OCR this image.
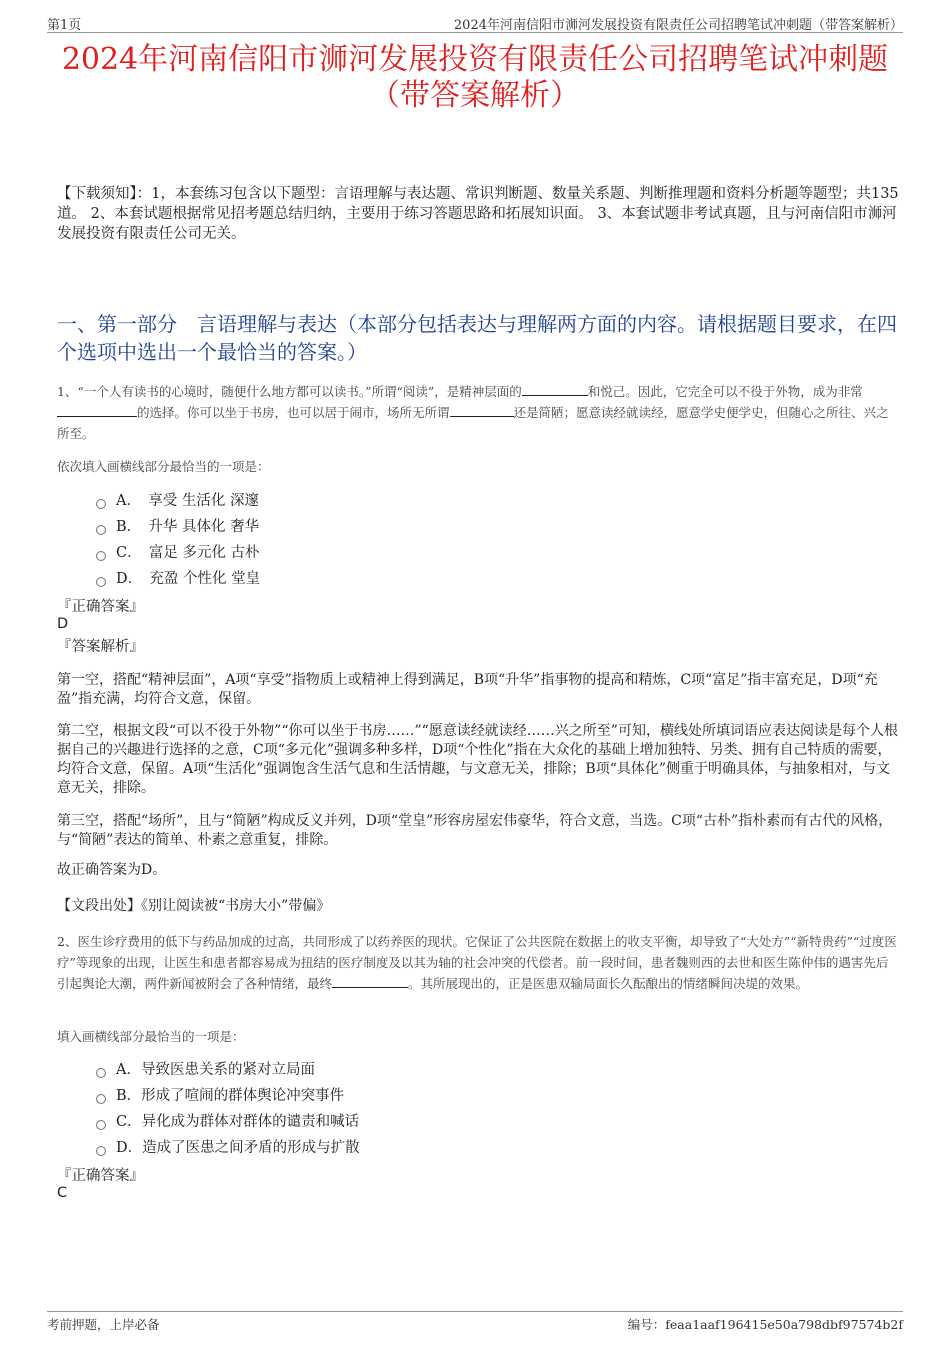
第1页	2024年河南信阳市浉河发展投资有限责任公司招聘笔试冲刺题（带答案解析）
2024年河南信阳市浉河发展投资有限责任公司招聘笔试冲刺题
（带答案解析）
【下载须知】：1，本套练习包含以下题型：言语理解与表达题、常识判断题、数量关系题、判断推理题和资料分析题等题型；共135道。 2、本套试题根据常见招考题总结归纳，主要用于练习答题思路和拓展知识面。 3、本套试题非考试真题，且与河南信阳市浉河发展投资有限责任公司无关。
一、第一部分　言语理解与表达（本部分包括表达与理解两方面的内容。请根据题目要求，在四个选项中选出一个最恰当的答案。）
1、“一个人有读书的心境时，随便什么地方都可以读书。”所谓“阅读”，是精神层面的	和悦己。因此，它完全可以不役于外物，成为非常的选择。你可以坐于书房，也可以居于闹市，场所无所谓	还是简陋；愿意读经就读经，愿意学史便学史，但随心之所往、兴之所至。
依次填入画横线部分最恰当的一项是：
A．　享受 生活化 深邃
B．　升华 具体化 奢华
C．　富足 多元化 古朴
D．　充盈 个性化 堂皇
『正确答案』
D
『答案解析』
第一空，搭配“精神层面”，A项“享受”指物质上或精神上得到满足，B项“升华”指事物的提高和精炼，C项“富足”指丰富充足，D项“充盈”指充满，均符合文意，保留。
第二空，根据文段“可以不役于外物”“你可以坐于书房……”“愿意读经就读经……兴之所至”可知，横线处所填词语应表达阅读是每个人根据自己的兴趣进行选择的之意，C项“多元化”强调多种多样，D项“个性化”指在大众化的基础上增加独特、另类、拥有自己特质的需要，均符合文意，保留。A项“生活化”强调饱含生活气息和生活情趣，与文意无关，排除；B项“具体化”侧重于明确具体，与抽象相对，与文意无关，排除。
第三空，搭配“场所”，且与“简陋”构成反义并列，D项“堂皇”形容房屋宏伟豪华，符合文意，当选。C项“古朴”指朴素而有古代的风格，与“简陋”表达的简单、朴素之意重复，排除。
故正确答案为D。
【文段出处】《别让阅读被“书房大小”带偏》
2、医生诊疗费用的低下与药品加成的过高，共同形成了以药养医的现状。它保证了公共医院在数据上的收支平衡，却导致了“大处方”“新特贵药”“过度医疗”等现象的出现，让医生和患者都容易成为扭结的医疗制度及以其为轴的社会冲突的代偿者。前一段时间，患者魏则西的去世和医生陈仲伟的遇害先后引起舆论大潮，两件新闻被附会了各种情绪，最终	。其所展现出的，正是医患双输局面长久酝酿出的情绪瞬间决堤的效果。
填入画横线部分最恰当的一项是：
A．导致医患关系的紧对立局面
B．形成了喧闹的群体舆论冲突事件
C．异化成为群体对群体的谴责和喊话
D．造成了医患之间矛盾的形成与扩散
『正确答案』
C
考前押题，上岸必备	编号：feaa1aaf196415e50a798dbf97574b2f
